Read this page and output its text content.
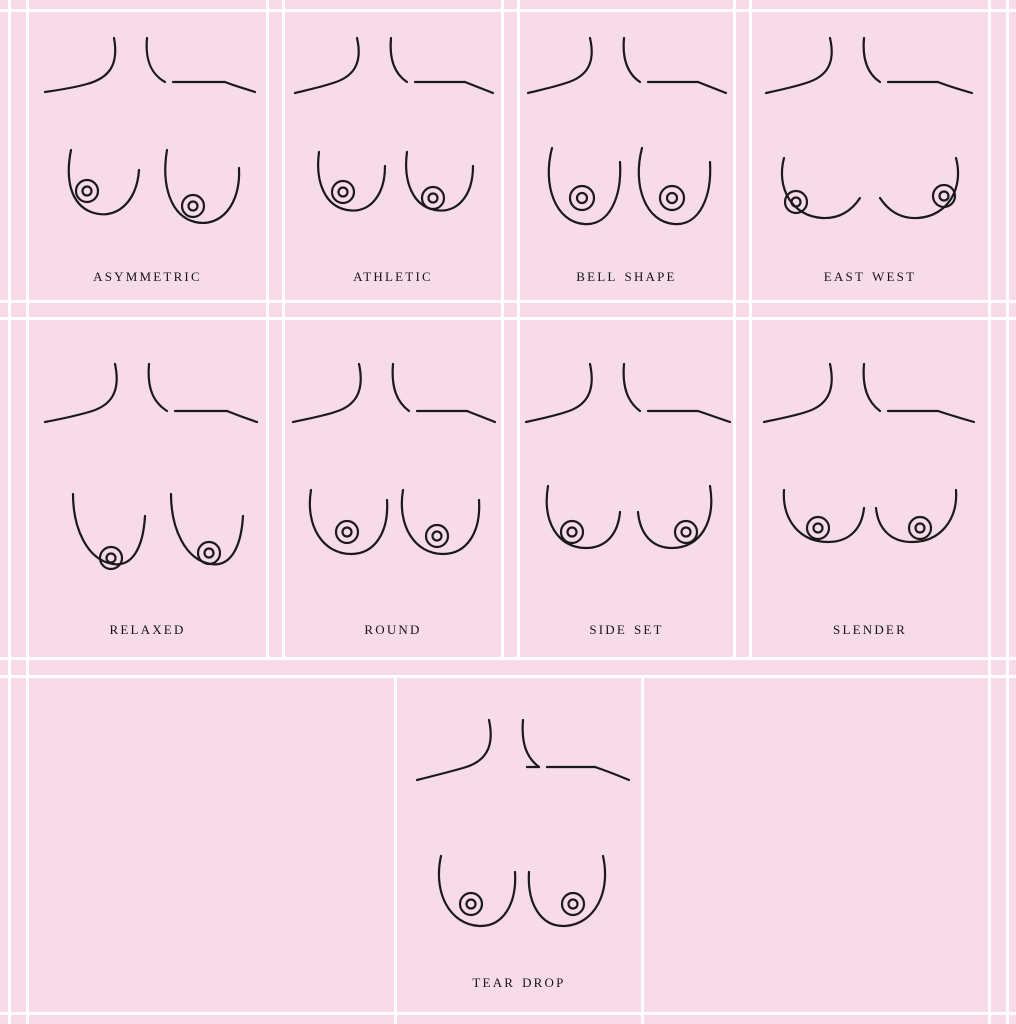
asymmetric	athletic	bell shape	east west
relaxed	round	side set	slender
tear drop
